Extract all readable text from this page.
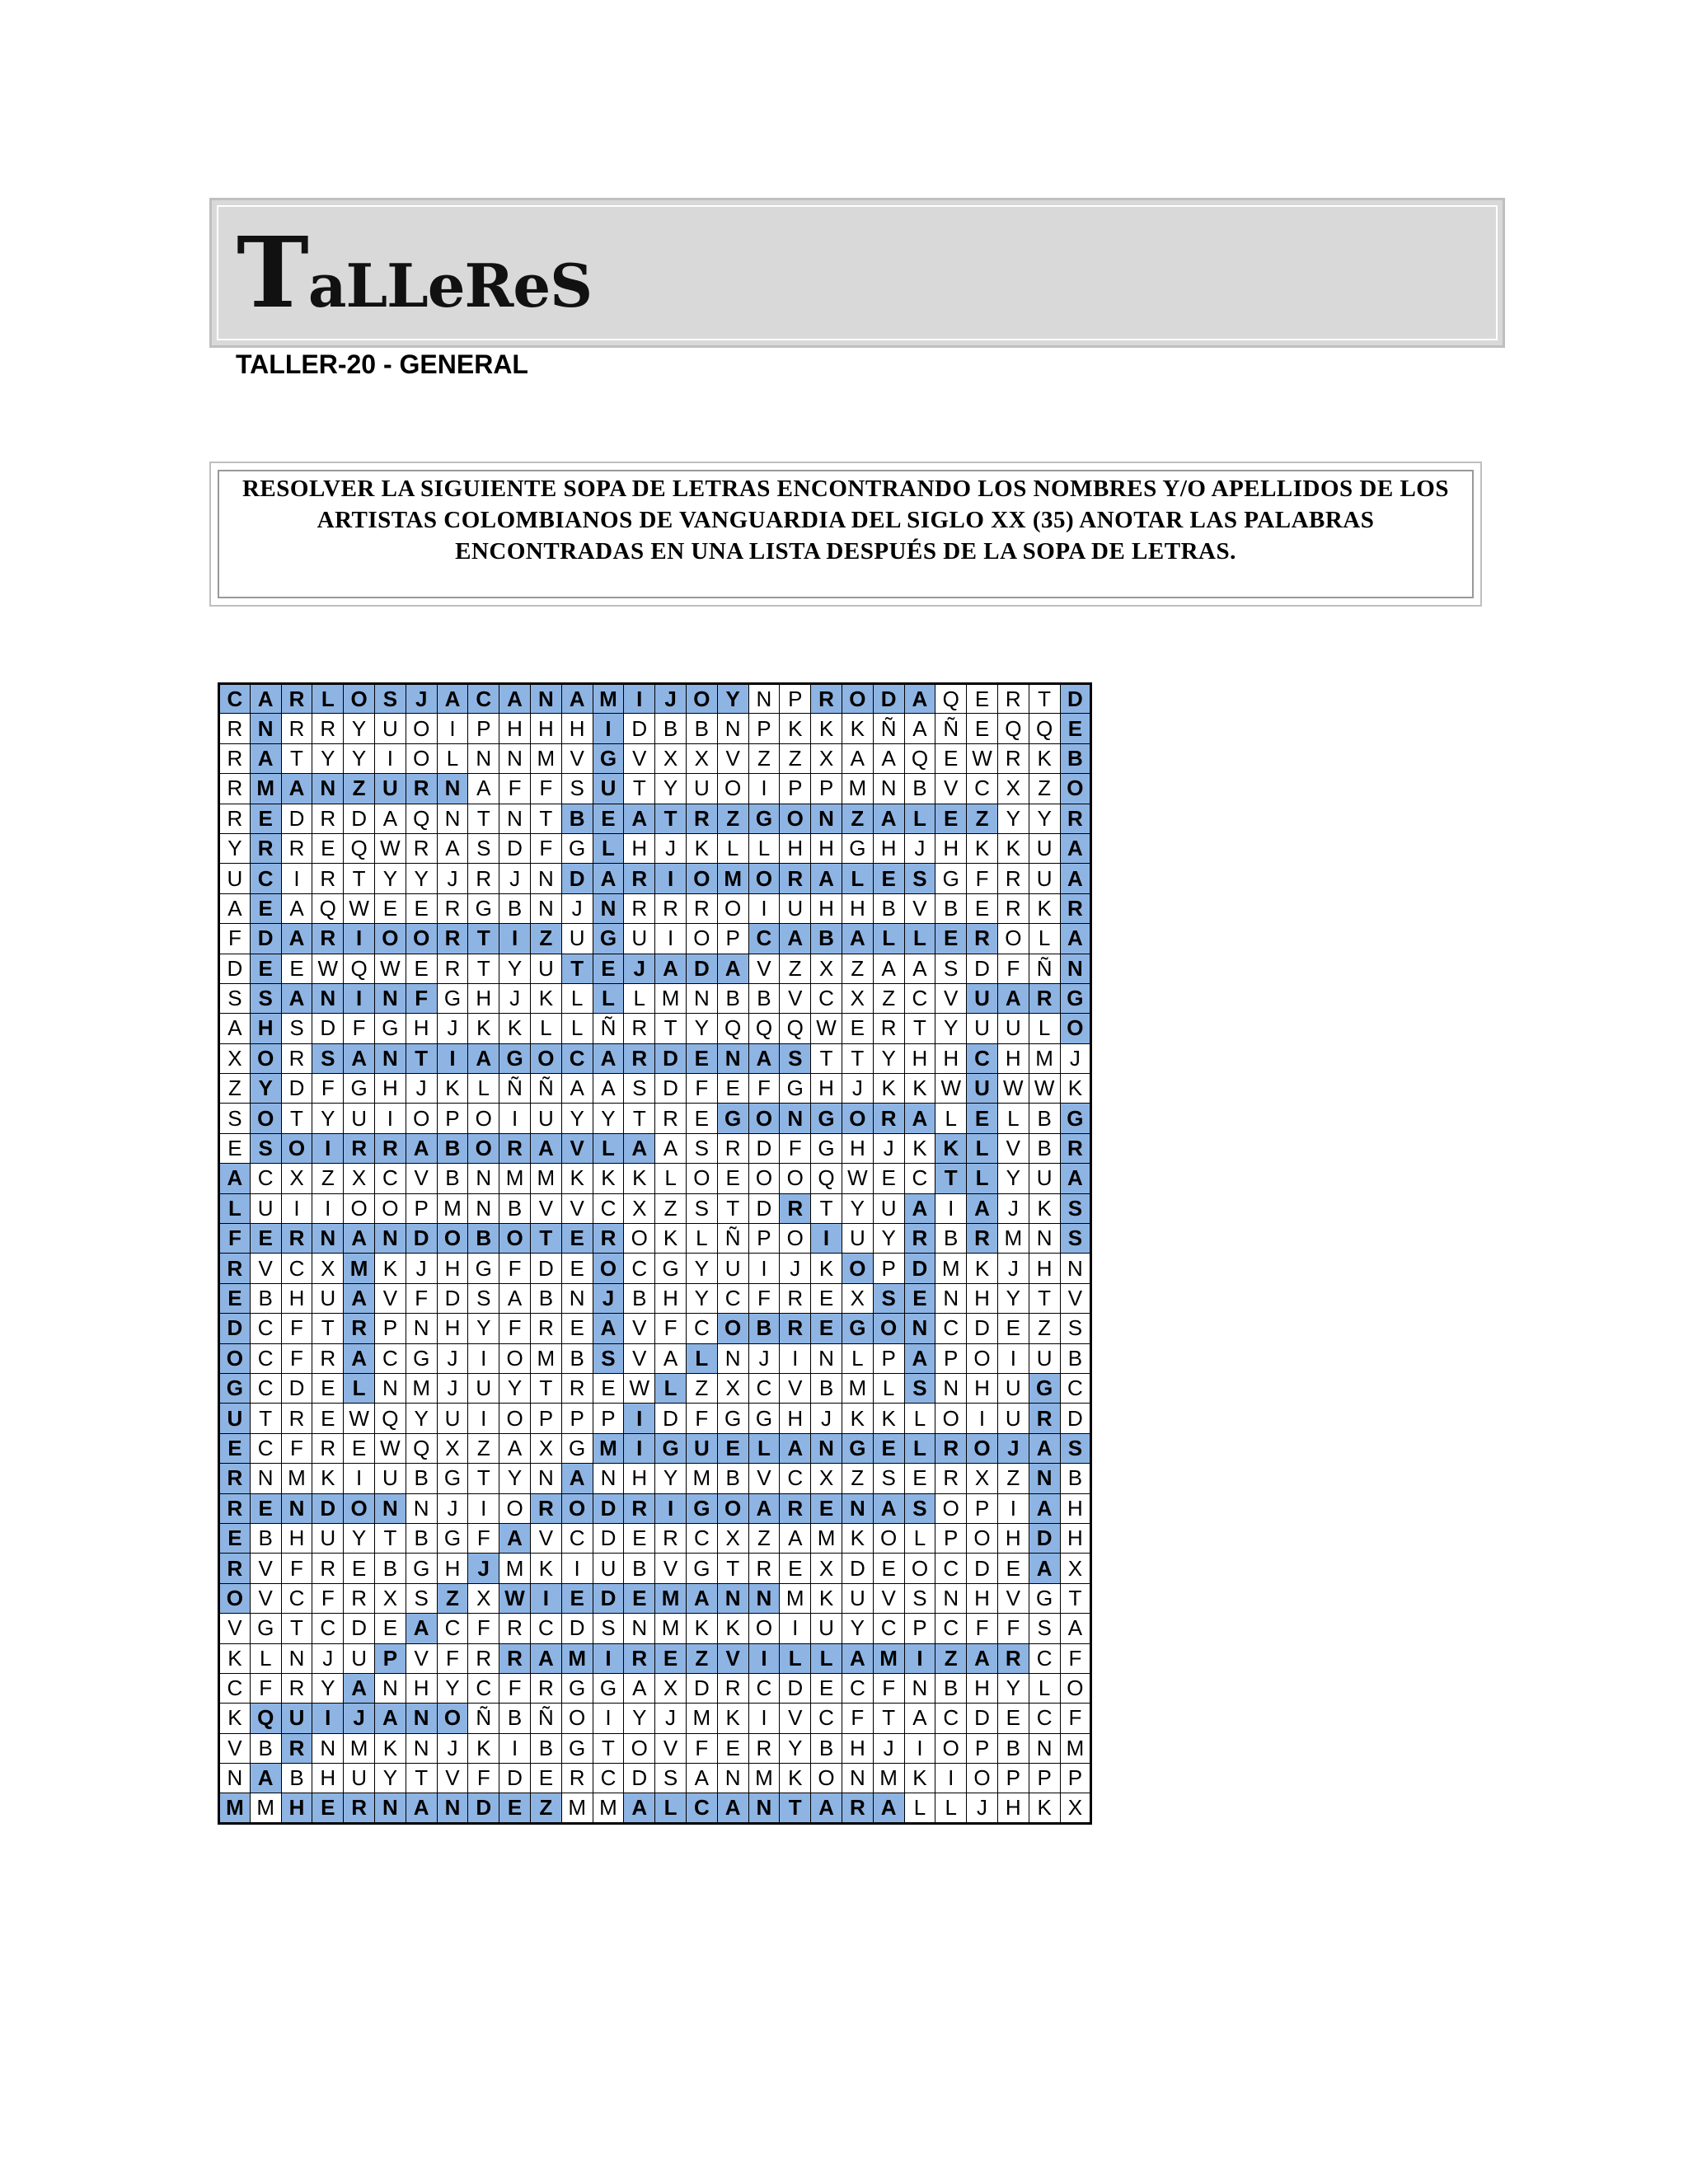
TaLLeReS
TALLER-20 - GENERAL
RESOLVER LA SIGUIENTE SOPA DE LETRAS ENCONTRANDO LOS NOMBRES Y/O APELLIDOS DE LOS ARTISTAS COLOMBIANOS DE VANGUARDIA DEL SIGLO XX (35) ANOTAR LAS PALABRAS ENCONTRADAS EN UNA LISTA DESPUÉS DE LA SOPA DE LETRAS.
C	A	R	L	O	S	J	A	C	A	N	A	M	I	J	O	Y	N	P	R	O	D	A	Q	E	R	T	D
R	N	R	R	Y	U	O	I	P	H	H	H	I	D	B	B	N	P	K	K	K	Ñ	A	Ñ	E	Q	Q	E
R	A	T	Y	Y	I	O	L	N	N	M	V	G	V	X	X	V	Z	Z	X	A	A	Q	E	W	R	K	B
R	M	A	N	Z	U	R	N	A	F	F	S	U	T	Y	U	O	I	P	P	M	N	B	V	C	X	Z	O
R	E	D	R	D	A	Q	N	T	N	T	B	E	A	T	R	Z	G	O	N	Z	A	L	E	Z	Y	Y	R
Y	R	R	E	Q	W	R	A	S	D	F	G	L	H	J	K	L	L	H	H	G	H	J	H	K	K	U	A
U	C	I	R	T	Y	Y	J	R	J	N	D	A	R	I	O	M	O	R	A	L	E	S	G	F	R	U	A
A	E	A	Q	W	E	E	R	G	B	N	J	N	R	R	R	O	I	U	H	H	B	V	B	E	R	K	R
F	D	A	R	I	O	O	R	T	I	Z	U	G	U	I	O	P	C	A	B	A	L	L	E	R	O	L	A
D	E	E	W	Q	W	E	R	T	Y	U	T	E	J	A	D	A	V	Z	X	Z	A	A	S	D	F	Ñ	N
S	S	A	N	I	N	F	G	H	J	K	L	L	L	M	N	B	B	V	C	X	Z	C	V	U	A	R	G
A	H	S	D	F	G	H	J	K	K	L	L	Ñ	R	T	Y	Q	Q	Q	W	E	R	T	Y	U	U	L	O
X	O	R	S	A	N	T	I	A	G	O	C	A	R	D	E	N	A	S	T	T	Y	H	H	C	H	M	J
Z	Y	D	F	G	H	J	K	L	Ñ	Ñ	A	A	S	D	F	E	F	G	H	J	K	K	W	U	W	W	K
S	O	T	Y	U	I	O	P	O	I	U	Y	Y	T	R	E	G	O	N	G	O	R	A	L	E	L	B	G
E	S	O	I	R	R	A	B	O	R	A	V	L	A	A	S	R	D	F	G	H	J	K	K	L	V	B	R
A	C	X	Z	X	C	V	B	N	M	M	K	K	K	L	O	E	O	O	Q	W	E	C	T	L	Y	U	A
L	U	I	I	O	O	P	M	N	B	V	V	C	X	Z	S	T	D	R	T	Y	U	A	I	A	J	K	S
F	E	R	N	A	N	D	O	B	O	T	E	R	O	K	L	Ñ	P	O	I	U	Y	R	B	R	M	N	S
R	V	C	X	M	K	J	H	G	F	D	E	O	C	G	Y	U	I	J	K	O	P	D	M	K	J	H	N
E	B	H	U	A	V	F	D	S	A	B	N	J	B	H	Y	C	F	R	E	X	S	E	N	H	Y	T	V
D	C	F	T	R	P	N	H	Y	F	R	E	A	V	F	C	O	B	R	E	G	O	N	C	D	E	Z	S
O	C	F	R	A	C	G	J	I	O	M	B	S	V	A	L	N	J	I	N	L	P	A	P	O	I	U	B
G	C	D	E	L	N	M	J	U	Y	T	R	E	W	L	Z	X	C	V	B	M	L	S	N	H	U	G	C
U	T	R	E	W	Q	Y	U	I	O	P	P	P	I	D	F	G	G	H	J	K	K	L	O	I	U	R	D
E	C	F	R	E	W	Q	X	Z	A	X	G	M	I	G	U	E	L	A	N	G	E	L	R	O	J	A	S
R	N	M	K	I	U	B	G	T	Y	N	A	N	H	Y	M	B	V	C	X	Z	S	E	R	X	Z	N	B
R	E	N	D	O	N	N	J	I	O	R	O	D	R	I	G	O	A	R	E	N	A	S	O	P	I	A	H
E	B	H	U	Y	T	B	G	F	A	V	C	D	E	R	C	X	Z	A	M	K	O	L	P	O	H	D	H
R	V	F	R	E	B	G	H	J	M	K	I	U	B	V	G	T	R	E	X	D	E	O	C	D	E	A	X
O	V	C	F	R	X	S	Z	X	W	I	E	D	E	M	A	N	N	M	K	U	V	S	N	H	V	G	T
V	G	T	C	D	E	A	C	F	R	C	D	S	N	M	K	K	O	I	U	Y	C	P	C	F	F	S	A
K	L	N	J	U	P	V	F	R	R	A	M	I	R	E	Z	V	I	L	L	A	M	I	Z	A	R	C	F
C	F	R	Y	A	N	H	Y	C	F	R	G	G	A	X	D	R	C	D	E	C	F	N	B	H	Y	L	O
K	Q	U	I	J	A	N	O	Ñ	B	Ñ	O	I	Y	J	M	K	I	V	C	F	T	A	C	D	E	C	F
V	B	R	N	M	K	N	J	K	I	B	G	T	O	V	F	E	R	Y	B	H	J	I	O	P	B	N	M
N	A	B	H	U	Y	T	V	F	D	E	R	C	D	S	A	N	M	K	O	N	M	K	I	O	P	P	P
M	M	H	E	R	N	A	N	D	E	Z	M	M	A	L	C	A	N	T	A	R	A	L	L	J	H	K	X
